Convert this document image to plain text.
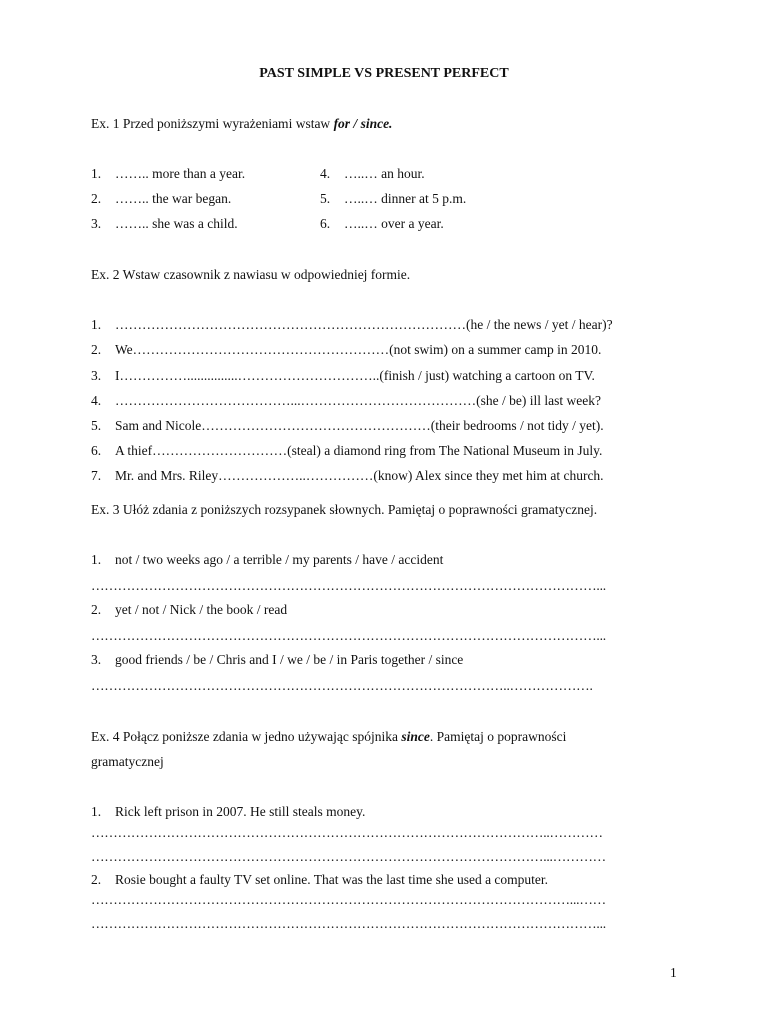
PAST SIMPLE VS PRESENT PERFECT
Ex. 1 Przed poniższymi wyrażeniami wstaw for / since.
1. …….. more than a year.
2. …….. the war began.
3. …….. she was a child.
4. …..… an hour.
5. …..… dinner at 5 p.m.
6. …..… over a year.
Ex. 2 Wstaw czasownik z nawiasu w odpowiedniej formie.
1. ……………………………………………………………………(he / the news / yet / hear)?
2. We…………………………………………………(not swim) on a summer camp in 2010.
3. I……………...............…………………………..(finish / just) watching a cartoon on TV.
4. …………………………………...…………………………………(she / be) ill last week?
5. Sam and Nicole……………………………………………(their bedrooms / not tidy / yet).
6. A thief…………………………(steal) a diamond ring from The National Museum in July.
7. Mr. and Mrs. Riley………………..……………(know) Alex since they met him at church.
Ex. 3 Ułóż zdania z poniższych rozsypanek słownych. Pamiętaj o poprawności gramatycznej.
1. not / two weeks ago / a terrible / my parents / have / accident
……………………………………………………………………………………………………...
2. yet / not / Nick / the book / read
……………………………………………………………………………………………………...
3. good friends / be / Chris and I / we / be / in Paris together / since
…………………………………………………………………………………..……………….
Ex. 4 Połącz poniższe zdania w jedno używając spójnika since. Pamiętaj o poprawności
gramatycznej
1. Rick left prison in 2007. He still steals money.
…………………………………………………………………………………………..…………
…………………………………………………………………………………………...…………
2. Rosie bought a faulty TV set online. That was the last time she used a computer.
………………………………………………………………………………………………...……
……………………………………………………………………………………………………...
1
